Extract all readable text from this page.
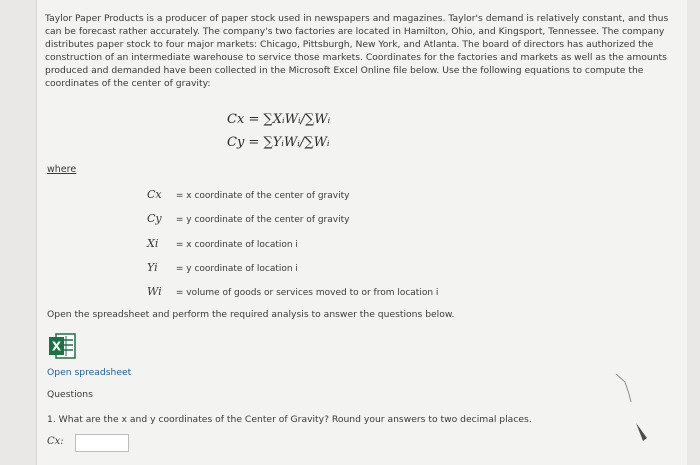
Taylor Paper Products is a producer of paper stock used in newspapers and magazines. Taylor's demand is relatively constant, and thus can be forecast rather accurately. The company's two factories are located in Hamilton, Ohio, and Kingsport, Tennessee. The company distributes paper stock to four major markets: Chicago, Pittsburgh, New York, and Atlanta. The board of directors has authorized the construction of an intermediate warehouse to service those markets. Coordinates for the factories and markets as well as the amounts produced and demanded have been collected in the Microsoft Excel Online file below. Use the following equations to compute the coordinates of the center of gravity:
Cx = ∑XᵢWᵢ/∑Wᵢ
Cy = ∑YᵢWᵢ/∑Wᵢ
where
Cx = x coordinate of the center of gravity
Cy = y coordinate of the center of gravity
Xi = x coordinate of location i
Yi = y coordinate of location i
Wi = volume of goods or services moved to or from location i
Open the spreadsheet and perform the required analysis to answer the questions below.
X
Open spreadsheet
Questions
1. What are the x and y coordinates of the Center of Gravity? Round your answers to two decimal places.
Cx:
